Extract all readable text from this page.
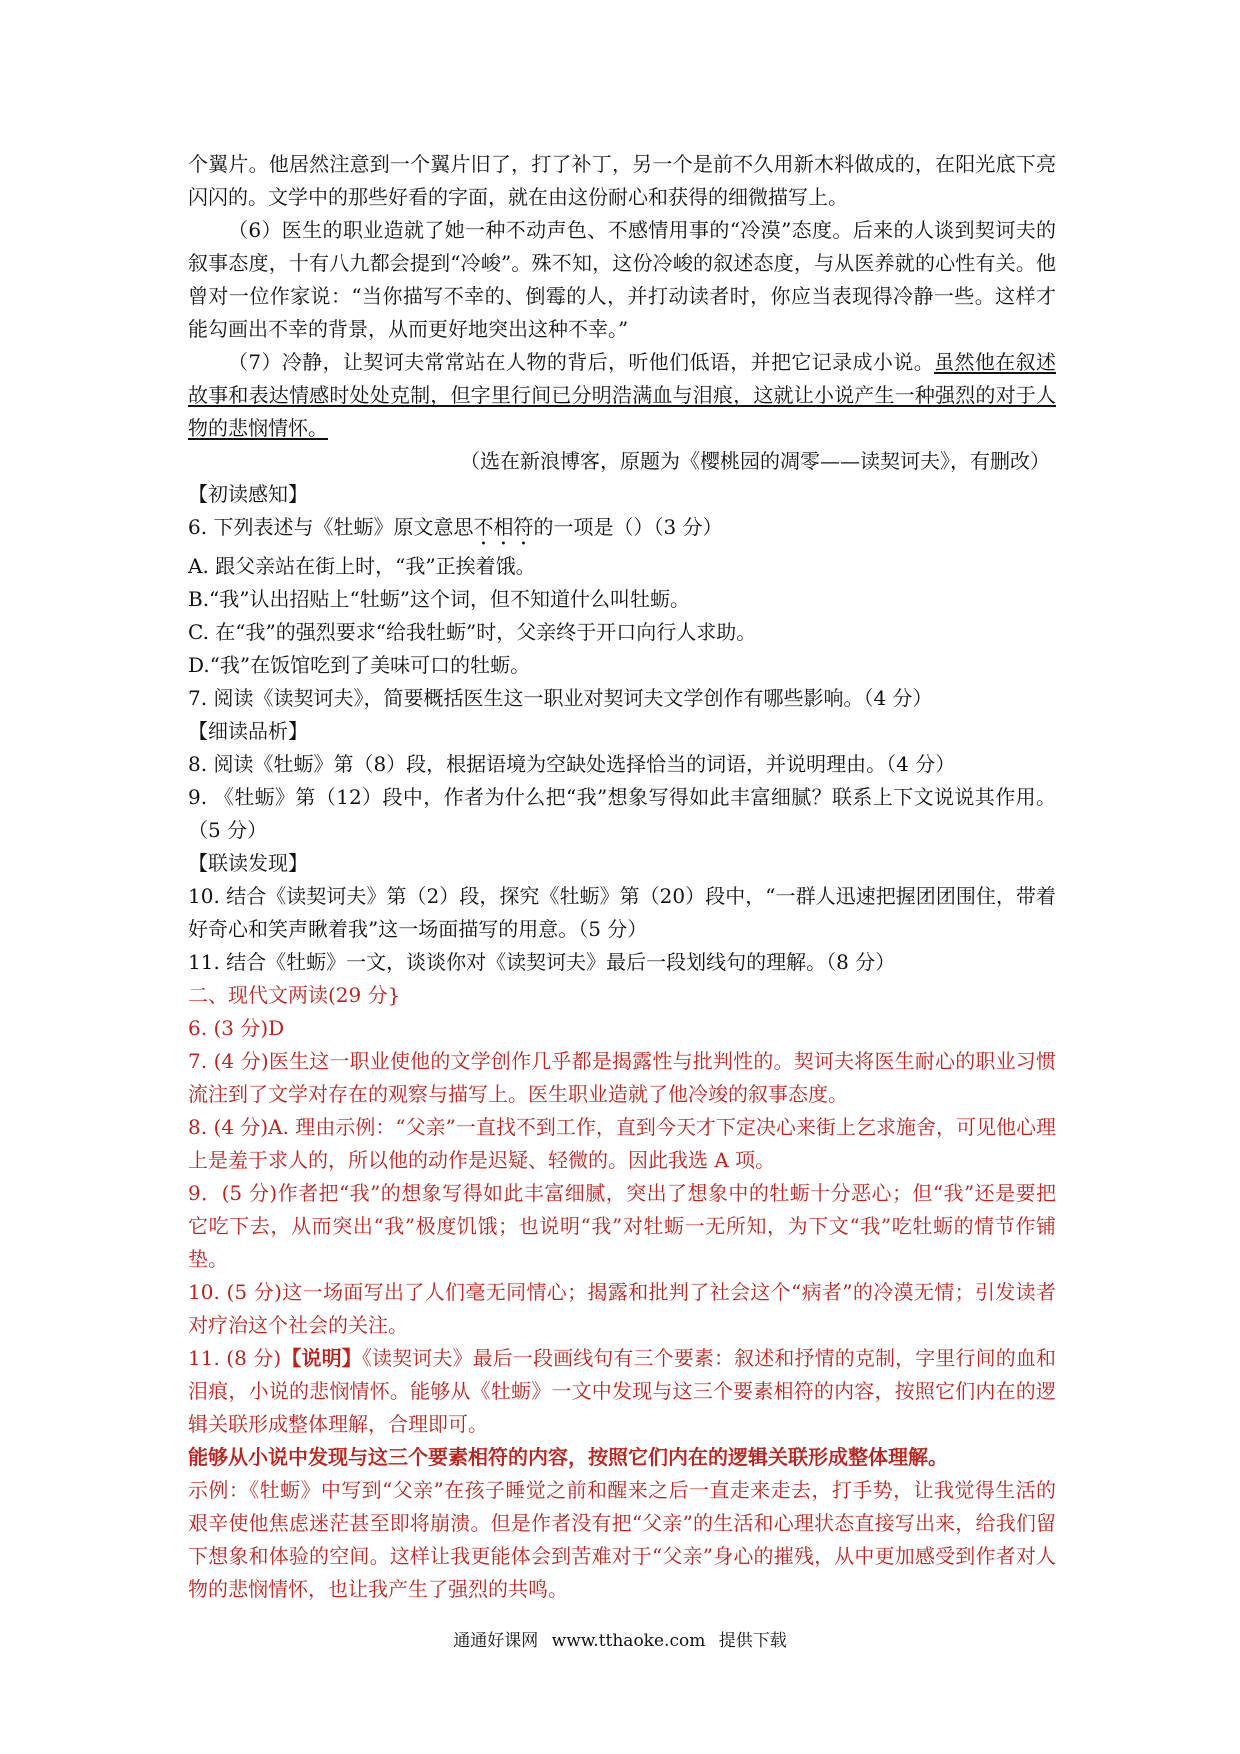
个翼片。他居然注意到一个翼片旧了，打了补丁，另一个是前不久用新木料做成的，在阳光底下亮闪闪的。文学中的那些好看的字面，就在由这份耐心和获得的细微描写上。

（6）医生的职业造就了她一种不动声色、不感情用事的“冷漠”态度。后来的人谈到契诃夫的叙事态度，十有八九都会提到“冷峻”。殊不知，这份冷峻的叙述态度，与从医养就的心性有关。他曾对一位作家说：“当你描写不幸的、倒霉的人，并打动读者时，你应当表现得冷静一些。这样才能勾画出不幸的背景，从而更好地突出这种不幸。”

（7）冷静，让契诃夫常常站在人物的背后，听他们低语，并把它记录成小说。虽然他在叙述故事和表达情感时处处克制，但字里行间已分明浩满血与泪痕，这就让小说产生一种强烈的对于人物的悲悯情怀。

（选在新浪博客，原题为《樱桃园的凋零——读契诃夫》，有删改）

【初读感知】

6. 下列表述与《牡蛎》原文意思不相符的一项是（）（3 分）

A. 跟父亲站在街上时，“我”正挨着饿。

B.“我”认出招贴上“牡蛎”这个词，但不知道什么叫牡蛎。

C. 在“我”的强烈要求“给我牡蛎”时，父亲终于开口向行人求助。

D.“我”在饭馆吃到了美味可口的牡蛎。

7. 阅读《读契诃夫》，简要概括医生这一职业对契诃夫文学创作有哪些影响。（4 分）

【细读品析】

8. 阅读《牡蛎》第（8）段，根据语境为空缺处选择恰当的词语，并说明理由。（4 分）

9. 《牡蛎》第（12）段中，作者为什么把“我”想象写得如此丰富细腻？联系上下文说说其作用。（5 分）

【联读发现】

10. 结合《读契诃夫》第（2）段，探究《牡蛎》第（20）段中，“一群人迅速把握团团围住，带着好奇心和笑声瞅着我”这一场面描写的用意。（5 分）

11. 结合《牡蛎》一文，谈谈你对《读契诃夫》最后一段划线句的理解。（8 分）

二、现代文两读(29 分}

6. (3 分)D

7. (4 分)医生这一职业使他的文学创作几乎都是揭露性与批判性的。契诃夫将医生耐心的职业习惯流注到了文学对存在的观察与描写上。医生职业造就了他冷竣的叙事态度。

8. (4 分)A. 理由示例：“父亲”一直找不到工作，直到今天才下定决心来街上乞求施舍，可见他心理上是羞于求人的，所以他的动作是迟疑、轻微的。因此我选 A 项。

9．(5 分)作者把“我”的想象写得如此丰富细腻，突出了想象中的牡蛎十分恶心；但“我”还是要把它吃下去，从而突出“我”极度饥饿；也说明“我”对牡蛎一无所知，为下文“我”吃牡蛎的情节作铺垫。

10. (5 分)这一场面写出了人们毫无同情心；揭露和批判了社会这个“病者”的冷漠无情；引发读者对疗治这个社会的关注。

11. (8 分)【说明】《读契诃夫》最后一段画线句有三个要素：叙述和抒情的克制，字里行间的血和泪痕，小说的悲悯情怀。能够从《牡蛎》一文中发现与这三个要素相符的内容，按照它们内在的逻辑关联形成整体理解，合理即可。

能够从小说中发现与这三个要素相符的内容，按照它们内在的逻辑关联形成整体理解。

示例：《牡蛎》中写到“父亲”在孩子睡觉之前和醒来之后一直走来走去，打手势，让我觉得生活的艰辛使他焦虑迷茫甚至即将崩溃。但是作者没有把“父亲”的生活和心理状态直接写出来，给我们留下想象和体验的空间。这样让我更能体会到苦难对于“父亲”身心的摧残，从中更加感受到作者对人物的悲悯情怀，也让我产生了强烈的共鸣。

通通好课网 www.tthaoke.com 提供下载
